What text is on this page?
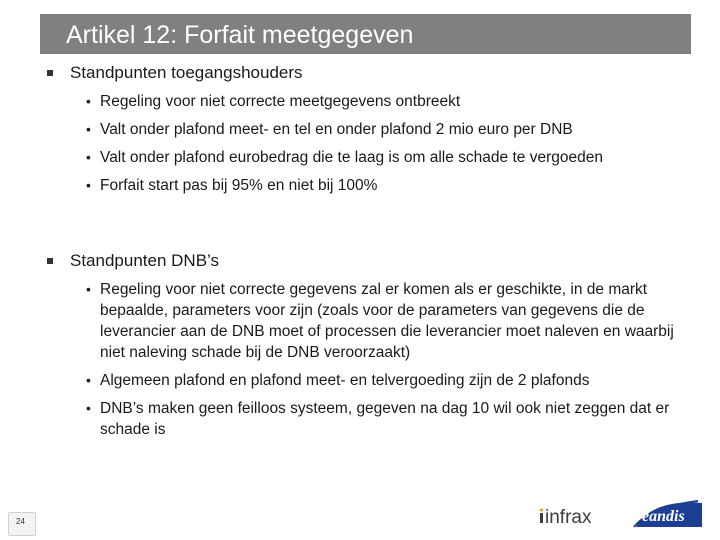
Artikel 12: Forfait meetgegeven
Standpunten toegangshouders
• Regeling voor niet correcte meetgegevens ontbreekt
• Valt onder plafond meet- en tel en onder plafond 2 mio euro per DNB
• Valt onder plafond eurobedrag die te laag is om alle schade te vergoeden
• Forfait start pas bij 95% en niet bij 100%
Standpunten DNB’s
• Regeling voor niet correcte gegevens zal er komen als er geschikte, in de markt bepaalde, parameters voor zijn (zoals voor de parameters van gegevens die de leverancier aan de DNB moet of processen die leverancier moet naleven en waarbij niet naleving schade bij de DNB veroorzaakt)
• Algemeen plafond en plafond meet- en telvergoeding zijn de 2 plafonds
• DNB’s maken geen feilloos systeem, gegeven na dag 10 wil ook niet zeggen dat er schade is
24	infrax	eandis
